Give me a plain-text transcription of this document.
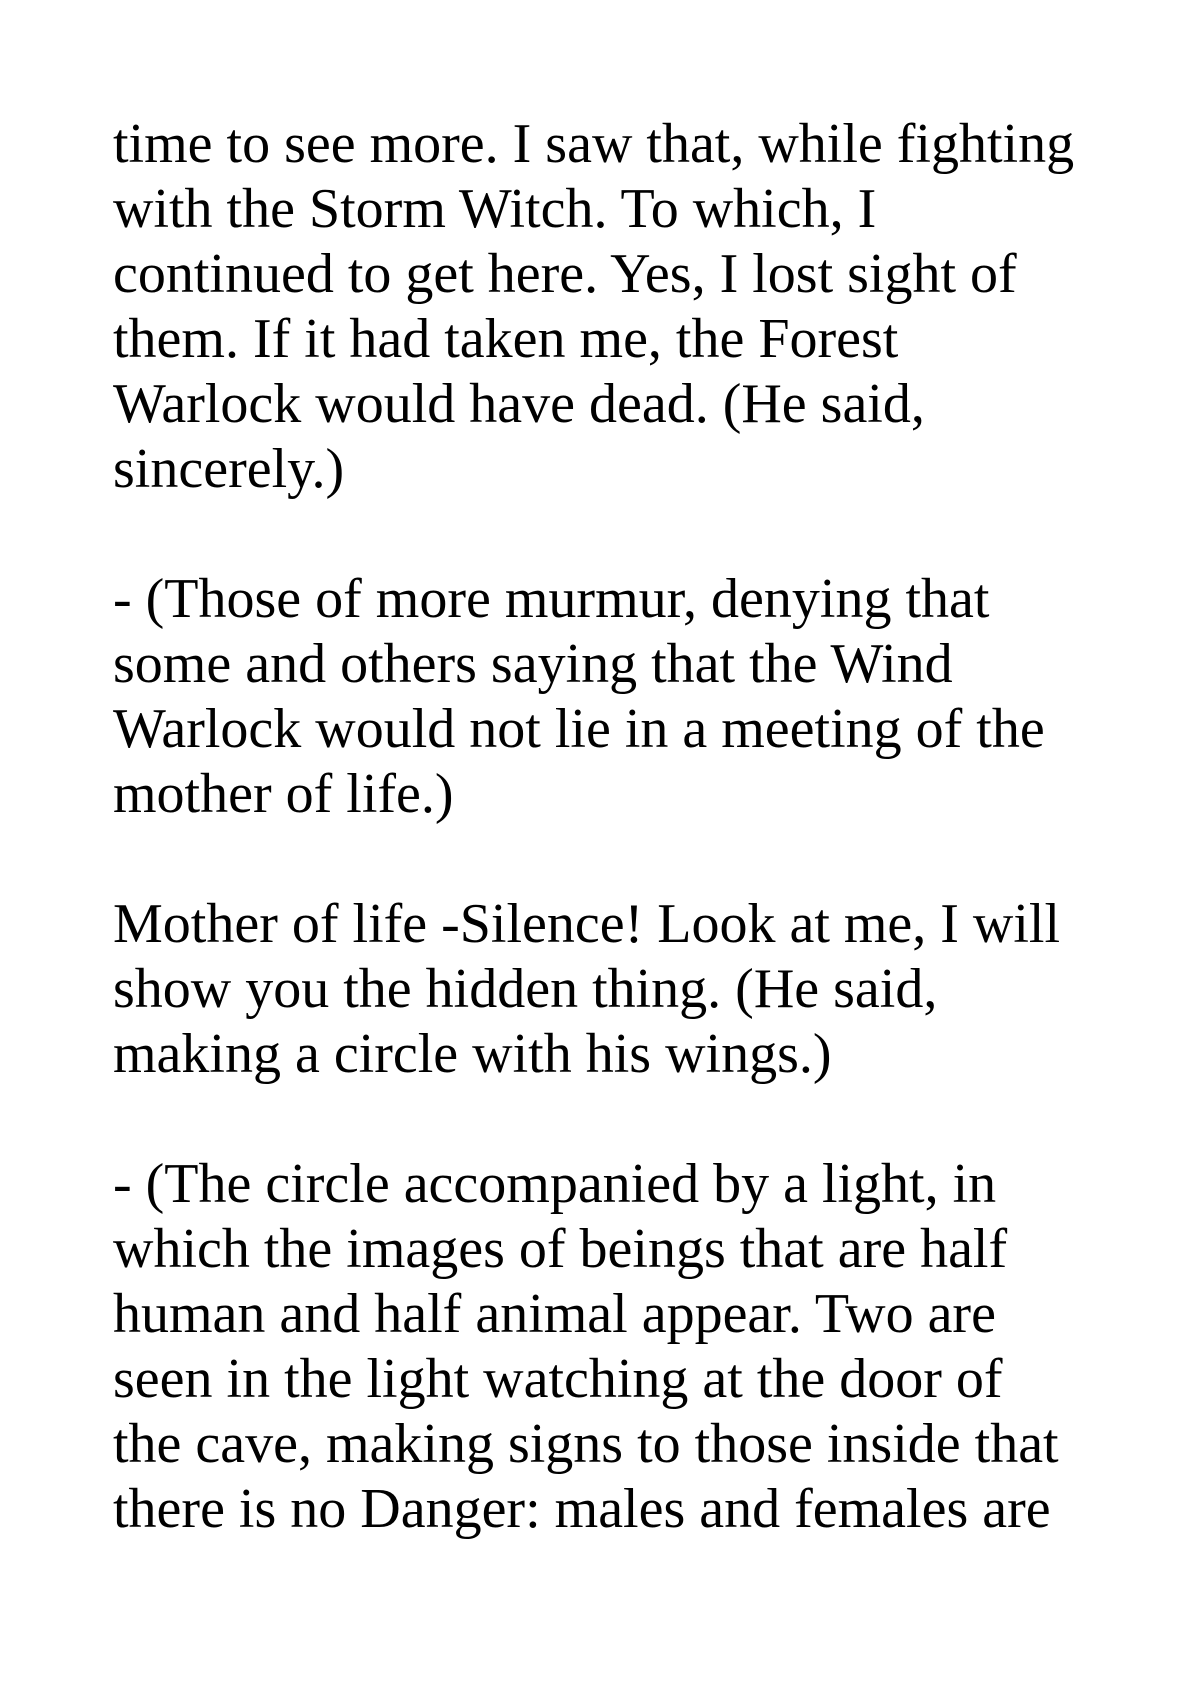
time to see more. I saw that, while fighting
with the Storm Witch. To which, I
continued to get here. Yes, I lost sight of
them. If it had taken me, the Forest
Warlock would have dead. (He said,
sincerely.)

- (Those of more murmur, denying that
some and others saying that the Wind
Warlock would not lie in a meeting of the
mother of life.)

Mother of life -Silence! Look at me, I will
show you the hidden thing. (He said,
making a circle with his wings.)

- (The circle accompanied by a light, in
which the images of beings that are half
human and half animal appear. Two are
seen in the light watching at the door of
the cave, making signs to those inside that
there is no Danger: males and females are
